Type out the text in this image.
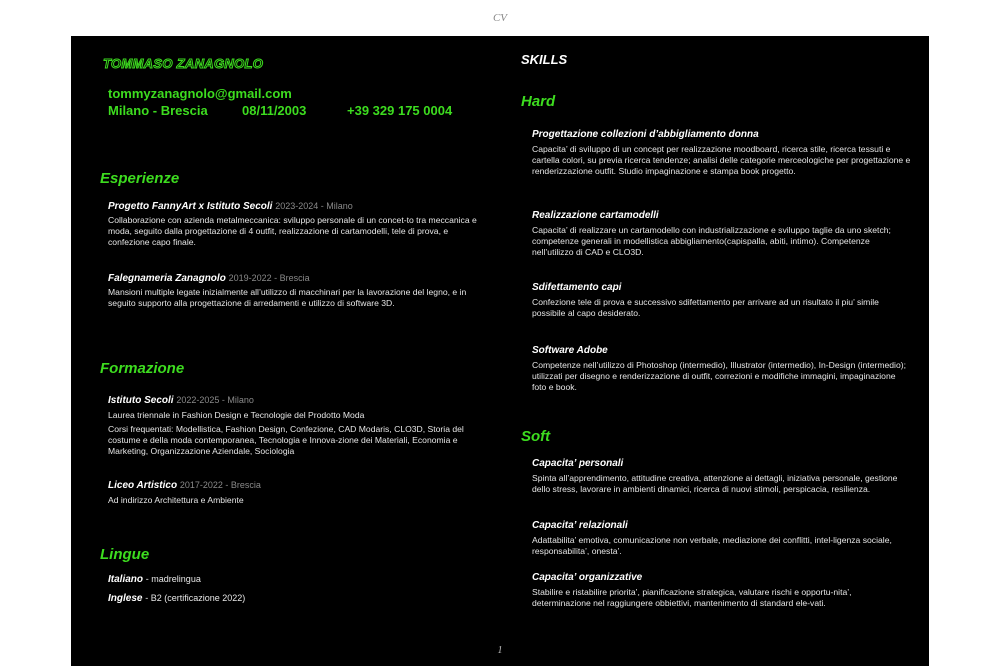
CV
TOMMASO ZANAGNOLO
tommyzanagnolo@gmail.com
Milano - Brescia	08/11/2003	+39 329 175 0004
Esperienze
Progetto FannyArt x Istituto Secoli 2023-2024 - Milano
Collaborazione con azienda metalmeccanica: sviluppo personale di un concet-to tra meccanica e moda, seguito dalla progettazione di 4 outfit, realizzazione di cartamodelli, tele di prova, e confezione capo finale.
Falegnameria Zanagnolo 2019-2022 - Brescia
Mansioni multiple legate inizialmente all’utilizzo di macchinari per la lavorazione del legno, e in seguito supporto alla progettazione di arredamenti e utilizzo di software 3D.
Formazione
Istituto Secoli 2022-2025 - Milano
Laurea triennale in Fashion Design e Tecnologie del Prodotto Moda
Corsi frequentati: Modellistica, Fashion Design, Confezione, CAD Modaris, CLO3D, Storia del costume e della moda contemporanea, Tecnologia e Innova-zione dei Materiali, Economia e Marketing, Organizzazione Aziendale, Sociologia
Liceo Artistico 2017-2022 - Brescia
Ad indirizzo Architettura e Ambiente
Lingue
Italiano - madrelingua
Inglese - B2 (certificazione 2022)
SKILLS
Hard
Progettazione collezioni d’abbigliamento donna
Capacita’ di sviluppo di un concept per realizzazione moodboard, ricerca stile, ricerca tessuti e cartella colori, su previa ricerca tendenze; analisi delle categorie merceologiche per progettazione e renderizzazione outfit. Studio impaginazione e stampa book progetto.
Realizzazione cartamodelli
Capacita’ di realizzare un cartamodello con industrializzazione e sviluppo taglie da uno sketch; competenze generali in modellistica abbigliamento(capispalla, abiti, intimo). Competenze nell’utilizzo di CAD e CLO3D.
Sdifettamento capi
Confezione tele di prova e successivo sdifettamento per arrivare ad un risultato il piu’ simile possibile al capo desiderato.
Software Adobe
Competenze nell’utilizzo di Photoshop (intermedio), Illustrator (intermedio), In-Design (intermedio); utilizzati per disegno e renderizzazione di outfit, correzioni e modifiche immagini, impaginazione foto e book.
Soft
Capacita’ personali
Spinta all’apprendimento, attitudine creativa, attenzione ai dettagli, iniziativa personale, gestione dello stress, lavorare in ambienti dinamici, ricerca di nuovi stimoli, perspicacia, resilienza.
Capacita’ relazionali
Adattabilita’ emotiva, comunicazione non verbale, mediazione dei conflitti, intel-ligenza sociale, responsabilita’, onesta’.
Capacita’ organizzative
Stabilire e ristabilire priorita’, pianificazione strategica, valutare rischi e opportu-nita’, determinazione nel raggiungere obbiettivi, mantenimento di standard ele-vati.
1
